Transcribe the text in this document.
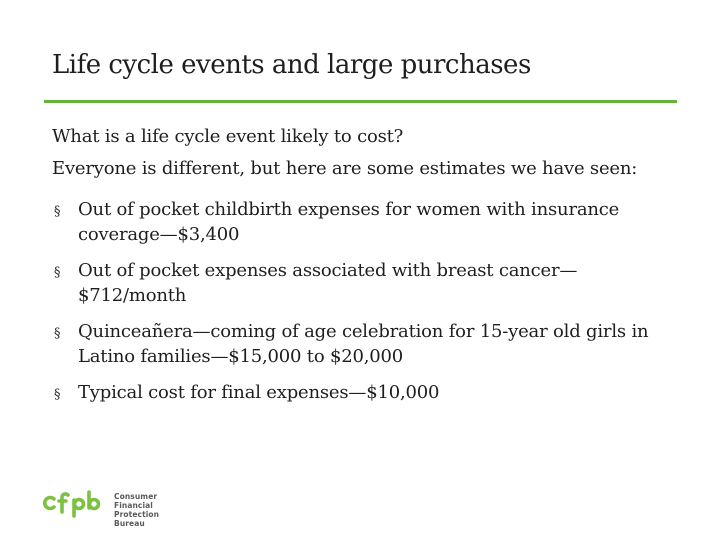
Life cycle events and large purchases

What is a life cycle event likely to cost?

Everyone is different, but here are some estimates we have seen:

§ Out of pocket childbirth expenses for women with insurance coverage—$3,400
§ Out of pocket expenses associated with breast cancer—$712/month
§ Quinceañera—coming of age celebration for 15-year old girls in Latino families—$15,000 to $20,000
§ Typical cost for final expenses—$10,000
Consumer Financial
Protection Bureau
